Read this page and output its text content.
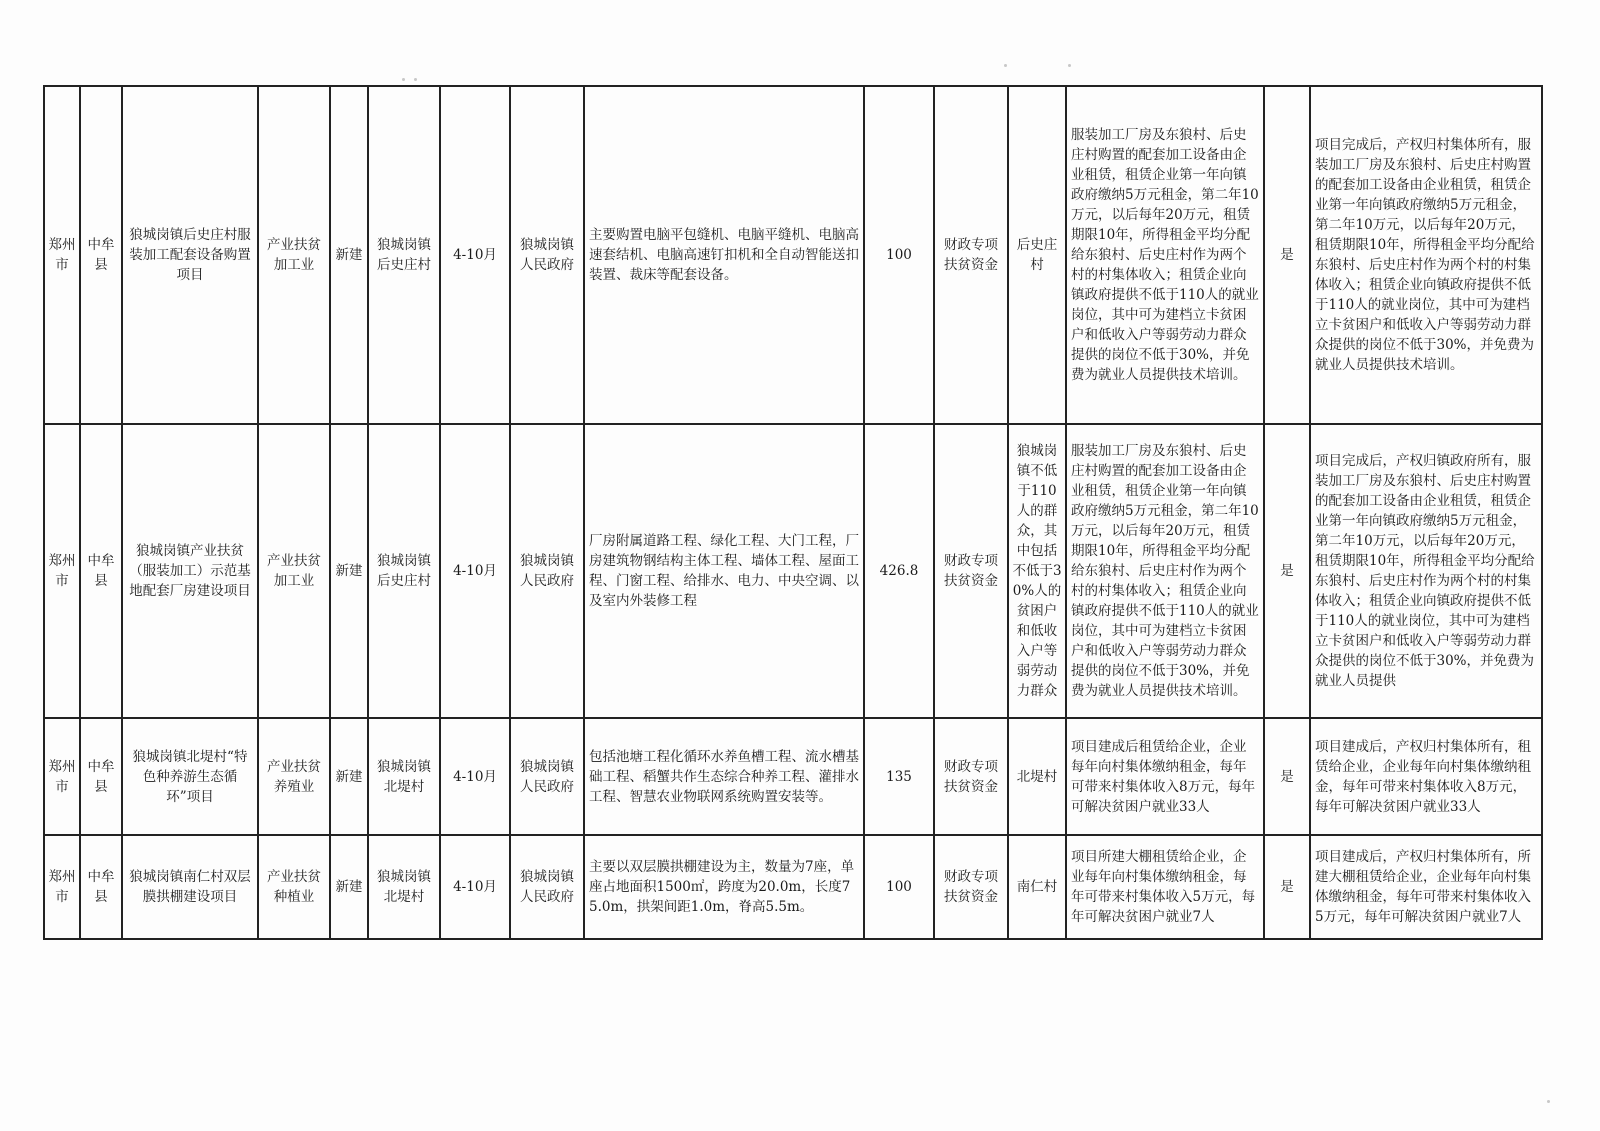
郑州市	中牟县	狼城岗镇后史庄村服装加工配套设备购置项目	产业扶贫加工业	新建	狼城岗镇后史庄村	4-10月	狼城岗镇人民政府	主要购置电脑平包缝机、电脑平缝机、电脑高速套结机、电脑高速钉扣机和全自动智能送扣装置、裁床等配套设备。	100	财政专项扶贫资金	后史庄村	服装加工厂房及东狼村、后史庄村购置的配套加工设备由企业租赁，租赁企业第一年向镇政府缴纳5万元租金，第二年10万元，以后每年20万元，租赁期限10年，所得租金平均分配给东狼村、后史庄村作为两个村的村集体收入；租赁企业向镇政府提供不低于110人的就业岗位，其中可为建档立卡贫困户和低收入户等弱劳动力群众提供的岗位不低于30%，并免费为就业人员提供技术培训。	是	项目完成后，产权归村集体所有，服装加工厂房及东狼村、后史庄村购置的配套加工设备由企业租赁，租赁企业第一年向镇政府缴纳5万元租金，第二年10万元，以后每年20万元，租赁期限10年，所得租金平均分配给东狼村、后史庄村作为两个村的村集体收入；租赁企业向镇政府提供不低于110人的就业岗位，其中可为建档立卡贫困户和低收入户等弱劳动力群众提供的岗位不低于30%，并免费为就业人员提供技术培训。
郑州市	中牟县	狼城岗镇产业扶贫（服装加工）示范基地配套厂房建设项目	产业扶贫加工业	新建	狼城岗镇后史庄村	4-10月	狼城岗镇人民政府	厂房附属道路工程、绿化工程、大门工程，厂房建筑物钢结构主体工程、墙体工程、屋面工程、门窗工程、给排水、电力、中央空调、以及室内外装修工程	426.8	财政专项扶贫资金	狼城岗镇不低于110人的群众，其中包括不低于30%人的贫困户和低收入户等弱劳动力群众	服装加工厂房及东狼村、后史庄村购置的配套加工设备由企业租赁，租赁企业第一年向镇政府缴纳5万元租金，第二年10万元，以后每年20万元，租赁期限10年，所得租金平均分配给东狼村、后史庄村作为两个村的村集体收入；租赁企业向镇政府提供不低于110人的就业岗位，其中可为建档立卡贫困户和低收入户等弱劳动力群众提供的岗位不低于30%，并免费为就业人员提供技术培训。	是	项目完成后，产权归镇政府所有，服装加工厂房及东狼村、后史庄村购置的配套加工设备由企业租赁，租赁企业第一年向镇政府缴纳5万元租金，第二年10万元，以后每年20万元，租赁期限10年，所得租金平均分配给东狼村、后史庄村作为两个村的村集体收入；租赁企业向镇政府提供不低于110人的就业岗位，其中可为建档立卡贫困户和低收入户等弱劳动力群众提供的岗位不低于30%，并免费为就业人员提供
郑州市	中牟县	狼城岗镇北堤村“特色种养游生态循环”项目	产业扶贫养殖业	新建	狼城岗镇北堤村	4-10月	狼城岗镇人民政府	包括池塘工程化循环水养鱼槽工程、流水槽基础工程、稻蟹共作生态综合种养工程、灌排水工程、智慧农业物联网系统购置安装等。	135	财政专项扶贫资金	北堤村	项目建成后租赁给企业，企业每年向村集体缴纳租金，每年可带来村集体收入8万元，每年可解决贫困户就业33人	是	项目建成后，产权归村集体所有，租赁给企业，企业每年向村集体缴纳租金，每年可带来村集体收入8万元，每年可解决贫困户就业33人
郑州市	中牟县	狼城岗镇南仁村双层膜拱棚建设项目	产业扶贫种植业	新建	狼城岗镇北堤村	4-10月	狼城岗镇人民政府	主要以双层膜拱棚建设为主，数量为7座，单座占地面积1500㎡，跨度为20.0m，长度75.0m，拱架间距1.0m，脊高5.5m。	100	财政专项扶贫资金	南仁村	项目所建大棚租赁给企业，企业每年向村集体缴纳租金，每年可带来村集体收入5万元，每年可解决贫困户就业7人	是	项目建成后，产权归村集体所有，所建大棚租赁给企业，企业每年向村集体缴纳租金，每年可带来村集体收入5万元，每年可解决贫困户就业7人
